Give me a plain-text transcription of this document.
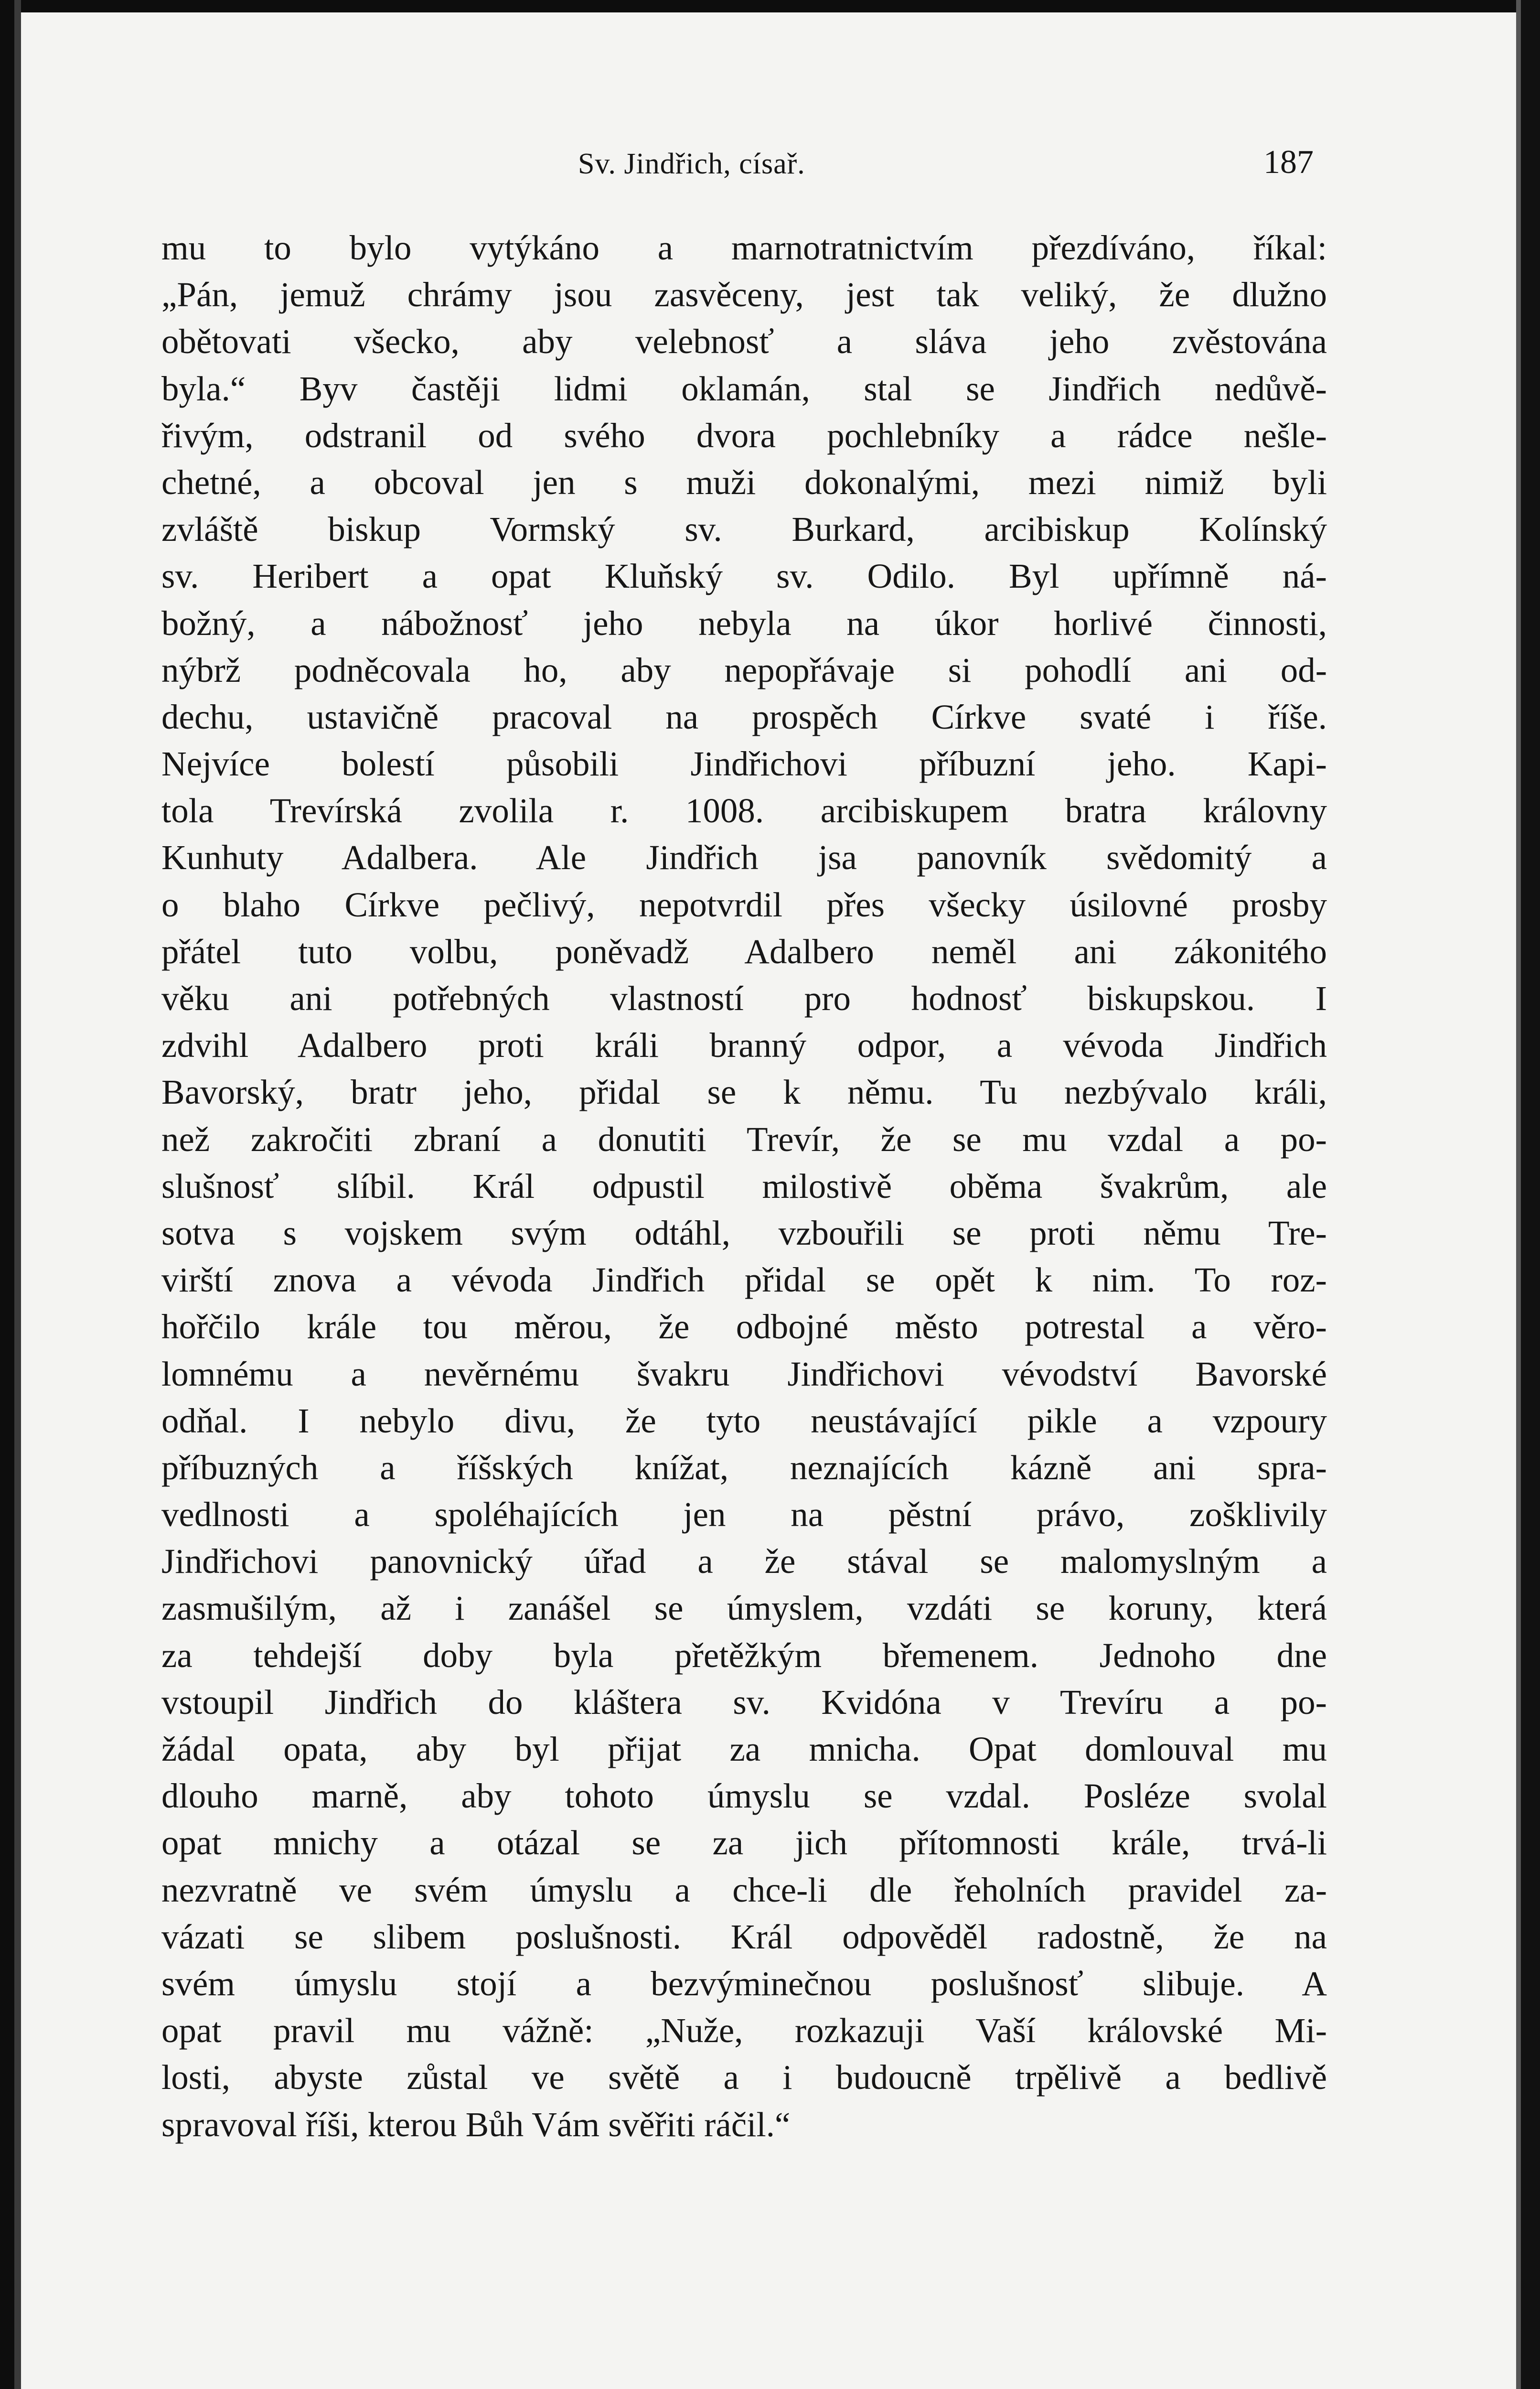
Sv. Jindřich, císař.	187
mu to bylo vytýkáno a marnotratnictvím přezdíváno, říkal:
„Pán, jemuž chrámy jsou zasvěceny, jest tak veliký, že dlužno
obětovati všecko, aby velebnosť a sláva jeho zvěstována
byla.“ Byv častěji lidmi oklamán, stal se Jindřich nedůvě-
řivým, odstranil od svého dvora pochlebníky a rádce nešle-
chetné, a obcoval jen s muži dokonalými, mezi nimiž byli
zvláště biskup Vormský sv. Burkard, arcibiskup Kolínský
sv. Heribert a opat Kluňský sv. Odilo. Byl upřímně ná-
božný, a nábožnosť jeho nebyla na úkor horlivé činnosti,
nýbrž podněcovala ho, aby nepopřávaje si pohodlí ani od-
dechu, ustavičně pracoval na prospěch Církve svaté i říše.
Nejvíce bolestí působili Jindřichovi příbuzní jeho. Kapi-
tola Trevírská zvolila r. 1008. arcibiskupem bratra královny
Kunhuty Adalbera. Ale Jindřich jsa panovník svědomitý a
o blaho Církve pečlivý, nepotvrdil přes všecky úsilovné prosby
přátel tuto volbu, poněvadž Adalbero neměl ani zákonitého
věku ani potřebných vlastností pro hodnosť biskupskou. I
zdvihl Adalbero proti králi branný odpor, a vévoda Jindřich
Bavorský, bratr jeho, přidal se k němu. Tu nezbývalo králi,
než zakročiti zbraní a donutiti Trevír, že se mu vzdal a po-
slušnosť slíbil. Král odpustil milostivě oběma švakrům, ale
sotva s vojskem svým odtáhl, vzbouřili se proti němu Tre-
virští znova a vévoda Jindřich přidal se opět k nim. To roz-
hořčilo krále tou měrou, že odbojné město potrestal a věro-
lomnému a nevěrnému švakru Jindřichovi vévodství Bavorské
odňal. I nebylo divu, že tyto neustávající pikle a vzpoury
příbuzných a říšských knížat, neznajících kázně ani spra-
vedlnosti a spoléhajících jen na pěstní právo, zošklivily
Jindřichovi panovnický úřad a že stával se malomyslným a
zasmušilým, až i zanášel se úmyslem, vzdáti se koruny, která
za tehdejší doby byla přetěžkým břemenem. Jednoho dne
vstoupil Jindřich do kláštera sv. Kvidóna v Trevíru a po-
žádal opata, aby byl přijat za mnicha. Opat domlouval mu
dlouho marně, aby tohoto úmyslu se vzdal. Posléze svolal
opat mnichy a otázal se za jich přítomnosti krále, trvá-li
nezvratně ve svém úmyslu a chce-li dle řeholních pravidel za-
vázati se slibem poslušnosti. Král odpověděl radostně, že na
svém úmyslu stojí a bezvýminečnou poslušnosť slibuje. A
opat pravil mu vážně: „Nuže, rozkazuji Vaší královské Mi-
losti, abyste zůstal ve světě a i budoucně trpělivě a bedlivě
spravoval říši, kterou Bůh Vám svěřiti ráčil.“
